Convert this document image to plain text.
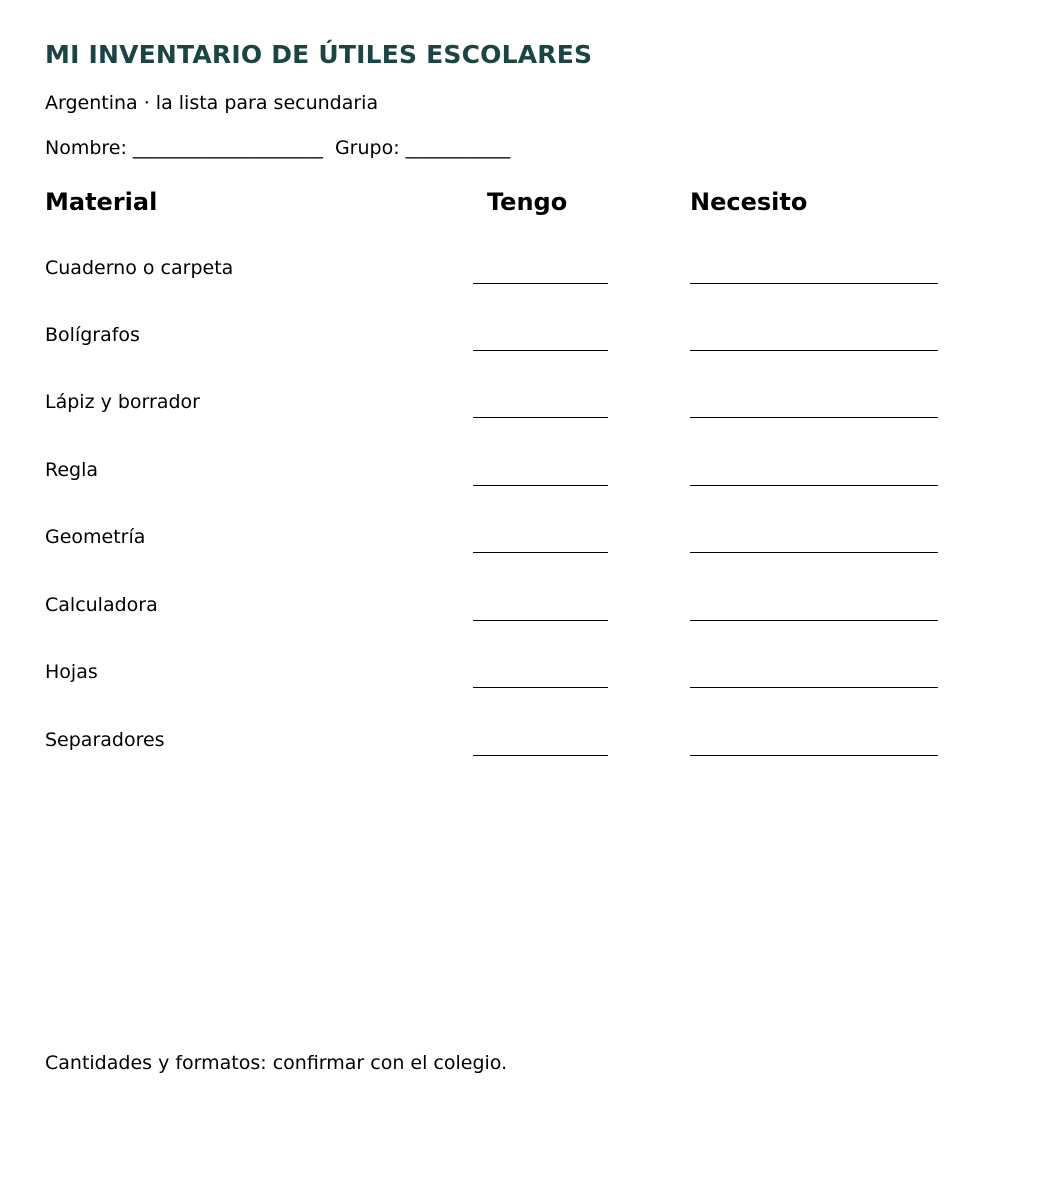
MI INVENTARIO DE ÚTILES ESCOLARES
Argentina · la lista para secundaria
Nombre: ____________________ Grupo: ___________
Material	Tengo	Necesito
Cuaderno o carpeta
Bolígrafos
Lápiz y borrador
Regla
Geometría
Calculadora
Hojas
Separadores
Cantidades y formatos: confirmar con el colegio.
